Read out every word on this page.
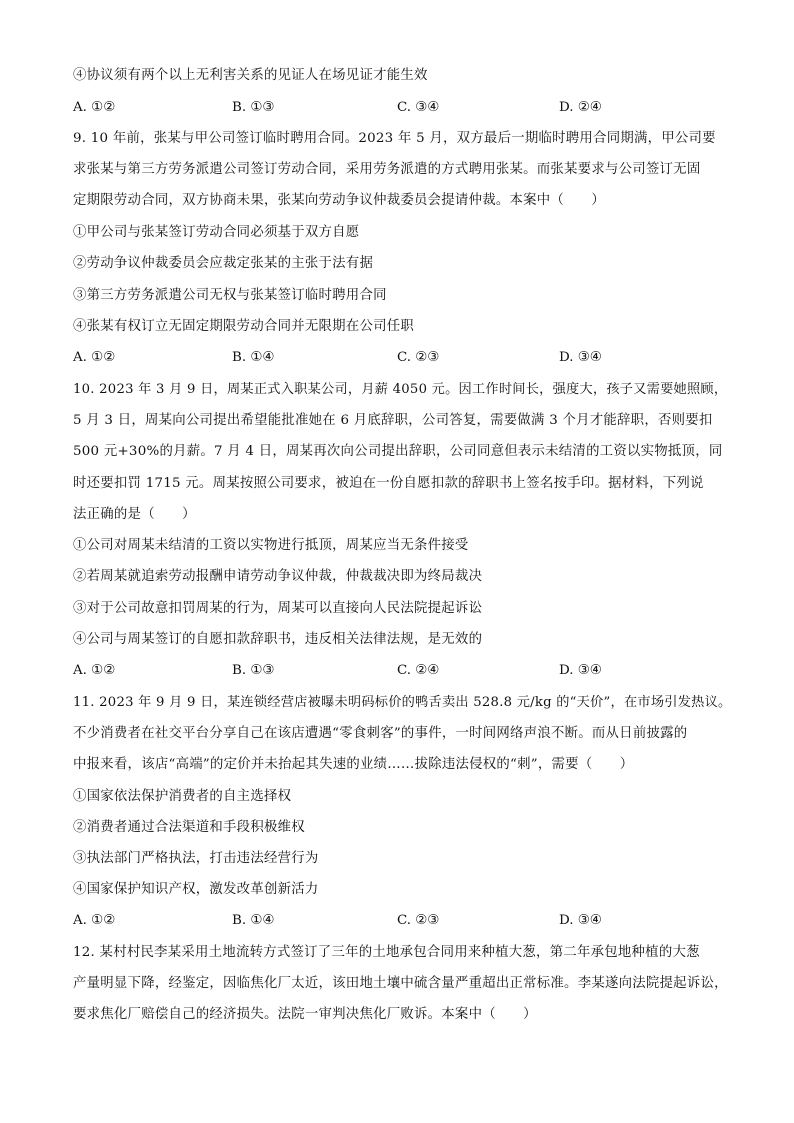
④协议须有两个以上无利害关系的见证人在场见证才能生效
A. ①②	B. ①③	C. ③④	D. ②④
9. 10 年前，张某与甲公司签订临时聘用合同。2023 年 5 月，双方最后一期临时聘用合同期满，甲公司要
求张某与第三方劳务派遣公司签订劳动合同，采用劳务派遣的方式聘用张某。而张某要求与公司签订无固
定期限劳动合同，双方协商未果，张某向劳动争议仲裁委员会提请仲裁。本案中（　　）
①甲公司与张某签订劳动合同必须基于双方自愿
②劳动争议仲裁委员会应裁定张某的主张于法有据
③第三方劳务派遣公司无权与张某签订临时聘用合同
④张某有权订立无固定期限劳动合同并无限期在公司任职
A. ①②	B. ①④	C. ②③	D. ③④
10. 2023 年 3 月 9 日，周某正式入职某公司，月薪 4050 元。因工作时间长，强度大，孩子又需要她照顾，
5 月 3 日，周某向公司提出希望能批准她在 6 月底辞职，公司答复，需要做满 3 个月才能辞职，否则要扣
500 元+30%的月薪。7 月 4 日，周某再次向公司提出辞职，公司同意但表示未结清的工资以实物抵顶，同
时还要扣罚 1715 元。周某按照公司要求，被迫在一份自愿扣款的辞职书上签名按手印。据材料，下列说
法正确的是（　　）
①公司对周某未结清的工资以实物进行抵顶，周某应当无条件接受
②若周某就追索劳动报酬申请劳动争议仲裁，仲裁裁决即为终局裁决
③对于公司故意扣罚周某的行为，周某可以直接向人民法院提起诉讼
④公司与周某签订的自愿扣款辞职书，违反相关法律法规，是无效的
A. ①②	B. ①③	C. ②④	D. ③④
11. 2023 年 9 月 9 日，某连锁经营店被曝未明码标价的鸭舌卖出 528.8 元/kg 的“天价”，在市场引发热议。
不少消费者在社交平台分享自己在该店遭遇“零食刺客”的事件，一时间网络声浪不断。而从日前披露的
中报来看，该店“高端”的定价并未抬起其失速的业绩……拔除违法侵权的“刺”，需要（　　）
①国家依法保护消费者的自主选择权
②消费者通过合法渠道和手段积极维权
③执法部门严格执法，打击违法经营行为
④国家保护知识产权，激发改革创新活力
A. ①②	B. ①④	C. ②③	D. ③④
12. 某村村民李某采用土地流转方式签订了三年的土地承包合同用来种植大葱，第二年承包地种植的大葱
产量明显下降，经鉴定，因临焦化厂太近，该田地土壤中硫含量严重超出正常标准。李某遂向法院提起诉讼，
要求焦化厂赔偿自己的经济损失。法院一审判决焦化厂败诉。本案中（　　）
